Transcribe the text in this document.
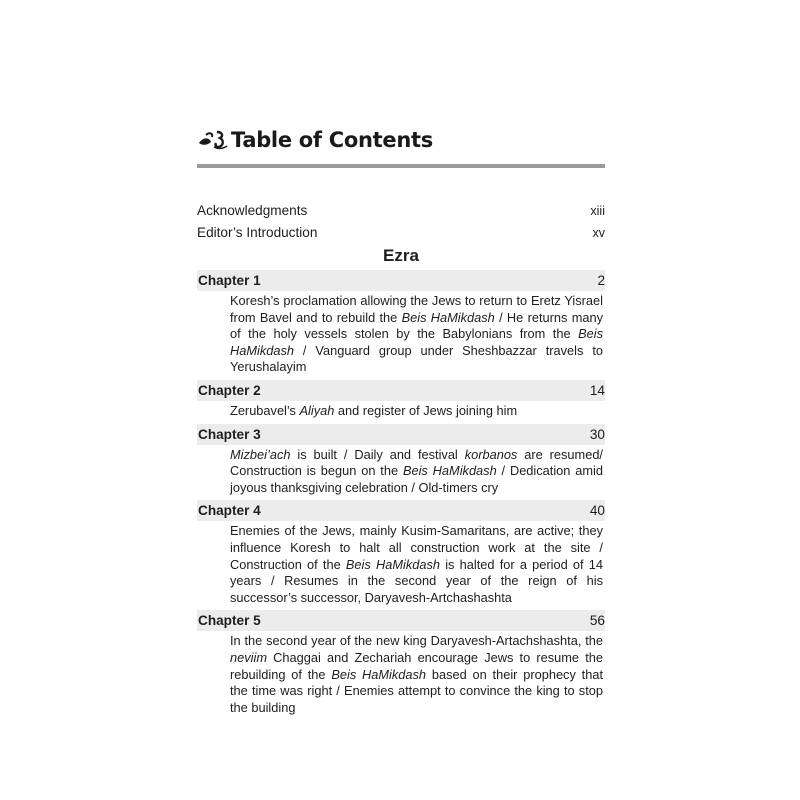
Table of Contents
Acknowledgments	xiii
Editor’s Introduction	xv
Ezra
Chapter 1	2
Koresh’s proclamation allowing the Jews to return to Eretz Yisrael from Bavel and to rebuild the Beis HaMikdash / He returns many of the holy vessels stolen by the Babylonians from the Beis HaMikdash / Vanguard group under Sheshbazzar travels to Yerushalayim
Chapter 2	14
Zerubavel’s Aliyah and register of Jews joining him
Chapter 3	30
Mizbei’ach is built / Daily and festival korbanos are resumed/ Construction is begun on the Beis HaMikdash / Dedication amid joyous thanksgiving celebration / Old-timers cry
Chapter 4	40
Enemies of the Jews, mainly Kusim-Samaritans, are active; they influence Koresh to halt all construction work at the site / Construction of the Beis HaMikdash is halted for a period of 14 years / Resumes in the second year of the reign of his successor’s successor, Daryavesh-Artchashashta
Chapter 5	56
In the second year of the new king Daryavesh-Artachshashta, the neviim Chaggai and Zechariah encourage Jews to resume the rebuilding of the Beis HaMikdash based on their prophecy that the time was right / Enemies attempt to convince the king to stop the building
